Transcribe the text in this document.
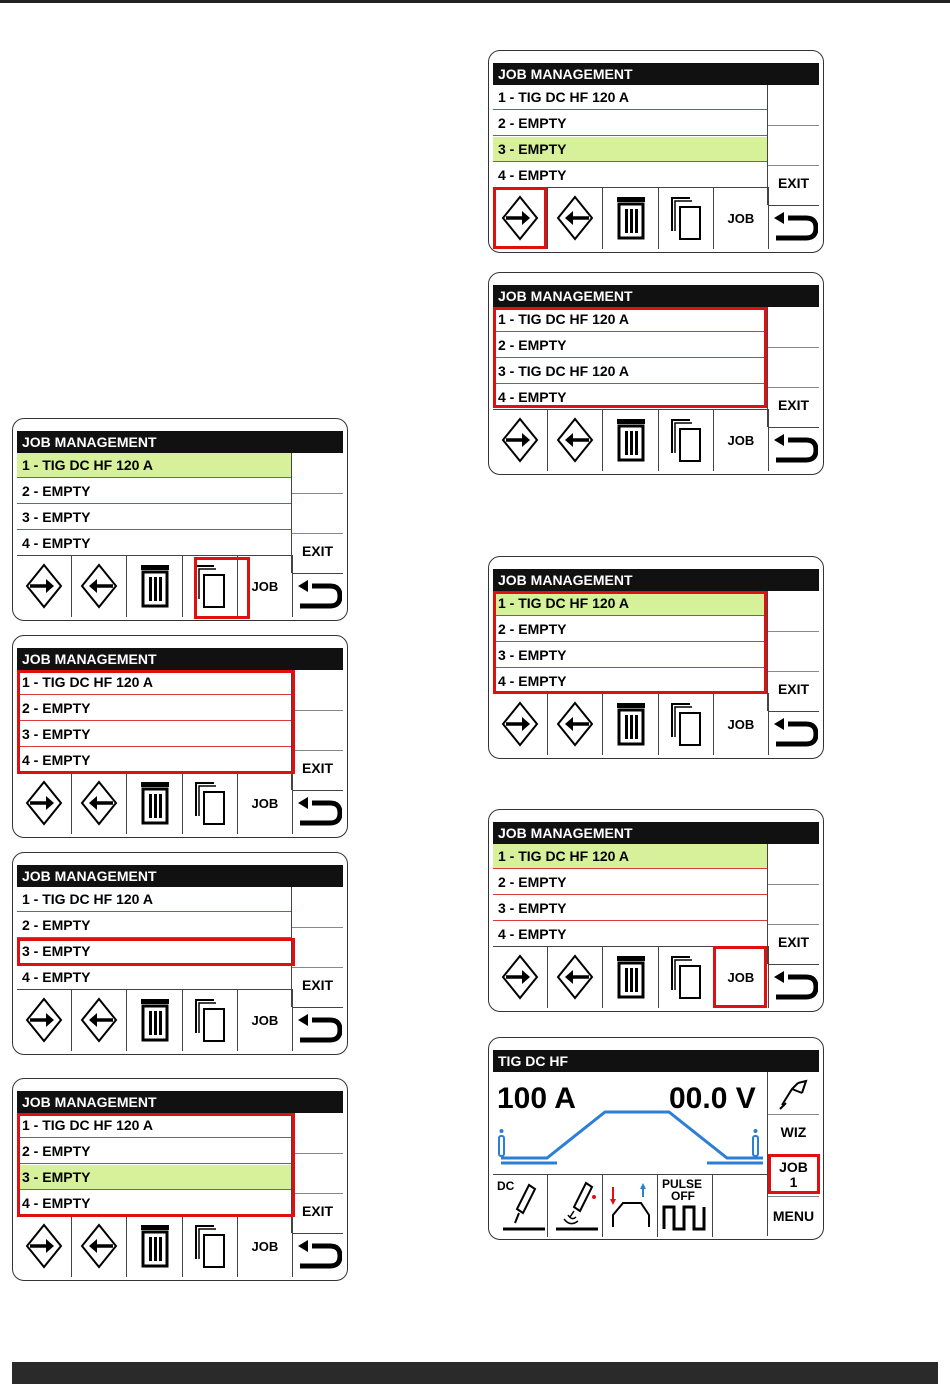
JOB MANAGEMENT
1 - TIG DC HF 120 A
2 - EMPTY
3 - EMPTY
4 - EMPTY	EXIT
JOB
JOB MANAGEMENT
1 - TIG DC HF 120 A
2 - EMPTY
3 - EMPTY
4 - EMPTY	EXIT
JOB
JOB MANAGEMENT
1 - TIG DC HF 120 A
2 - EMPTY
3 - EMPTY
4 - EMPTY	EXIT
JOB
JOB MANAGEMENT
1 - TIG DC HF 120 A
2 - EMPTY
3 - EMPTY
4 - EMPTY	EXIT
JOB
JOB MANAGEMENT
1 - TIG DC HF 120 A
2 - EMPTY
3 - EMPTY
4 - EMPTY	EXIT
JOB
JOB MANAGEMENT
1 - TIG DC HF 120 A
2 - EMPTY
3 - TIG DC HF 120 A
4 - EMPTY	EXIT
JOB
JOB MANAGEMENT
1 - TIG DC HF 120 A
2 - EMPTY
3 - EMPTY
4 - EMPTY	EXIT
JOB
JOB MANAGEMENT
1 - TIG DC HF 120 A
2 - EMPTY
3 - EMPTY
4 - EMPTY	EXIT
JOB
TIG DC HF
100 A	00.0 V
WIZ
JOB
1
MENU
DC	PULSE
OFF
